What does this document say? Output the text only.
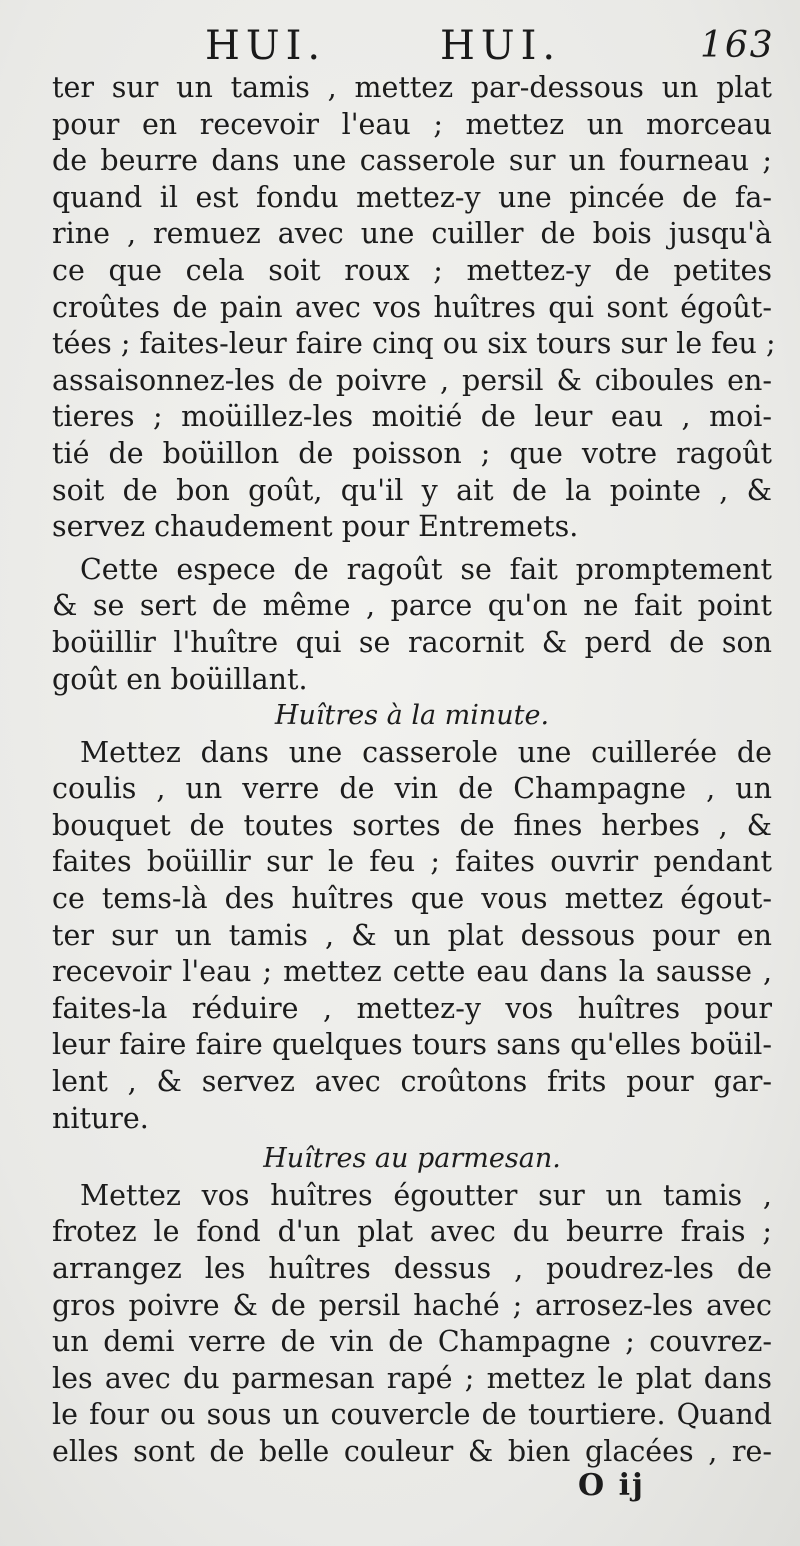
HUI.	HUI.	163

ter sur un tamis , mettez par-dessous un plat
pour en recevoir l'eau ; mettez un morceau
de beurre dans une casserole sur un fourneau ;
quand il est fondu mettez-y une pincée de fa-
rine , remuez avec une cuiller de bois jusqu'à
ce que cela soit roux ; mettez-y de petites
croûtes de pain avec vos huîtres qui sont égoût-
tées ; faites-leur faire cinq ou six tours sur le feu ;
assaisonnez-les de poivre , persil & ciboules en-
tieres ; moüillez-les moitié de leur eau , moi-
tié de boüillon de poisson ; que votre ragoût
soit de bon goût, qu'il y ait de la pointe , &
servez chaudement pour Entremets.

Cette espece de ragoût se fait promptement
& se sert de même , parce qu'on ne fait point
boüillir l'huître qui se racornit & perd de son
goût en boüillant.

Huîtres à la minute.

Mettez dans une casserole une cuillerée de
coulis , un verre de vin de Champagne , un
bouquet de toutes sortes de fines herbes , &
faites boüillir sur le feu ; faites ouvrir pendant
ce tems-là des huîtres que vous mettez égout-
ter sur un tamis , & un plat dessous pour en
recevoir l'eau ; mettez cette eau dans la sausse ,
faites-la réduire , mettez-y vos huîtres pour
leur faire faire quelques tours sans qu'elles boüil-
lent , & servez avec croûtons frits pour gar-
niture.

Huîtres au parmesan.

Mettez vos huîtres égoutter sur un tamis ,
frotez le fond d'un plat avec du beurre frais ;
arrangez les huîtres dessus , poudrez-les de
gros poivre & de persil haché ; arrosez-les avec
un demi verre de vin de Champagne ; couvrez-
les avec du parmesan rapé ; mettez le plat dans
le four ou sous un couvercle de tourtiere. Quand
elles sont de belle couleur & bien glacées , re-

O ij
